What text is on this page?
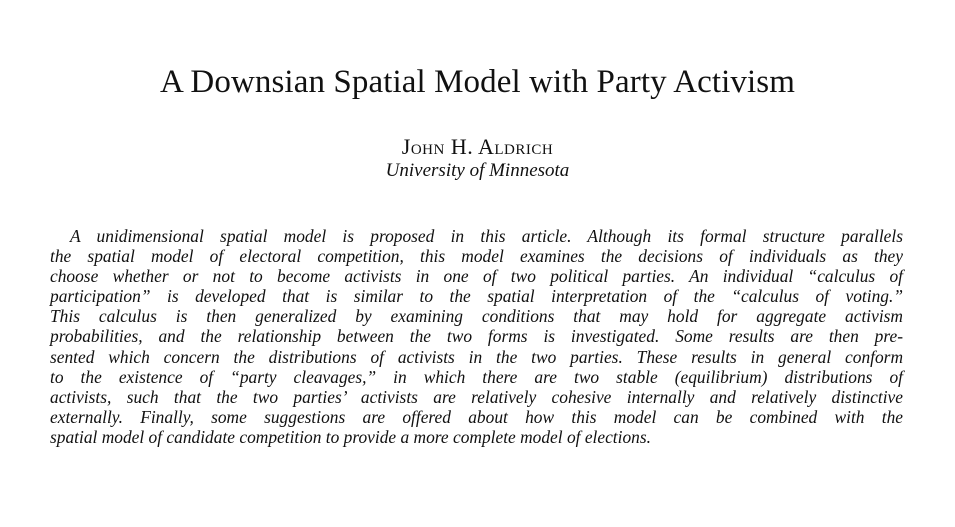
A Downsian Spatial Model with Party Activism
John H. Aldrich
University of Minnesota
A unidimensional spatial model is proposed in this article. Although its formal structure parallels
the spatial model of electoral competition, this model examines the decisions of individuals as they
choose whether or not to become activists in one of two political parties. An individual “calculus of
participation” is developed that is similar to the spatial interpretation of the “calculus of voting.”
This calculus is then generalized by examining conditions that may hold for aggregate activism
probabilities, and the relationship between the two forms is investigated. Some results are then pre-
sented which concern the distributions of activists in the two parties. These results in general conform
to the existence of “party cleavages,” in which there are two stable (equilibrium) distributions of
activists, such that the two parties’ activists are relatively cohesive internally and relatively distinctive
externally. Finally, some suggestions are offered about how this model can be combined with the
spatial model of candidate competition to provide a more complete model of elections.
